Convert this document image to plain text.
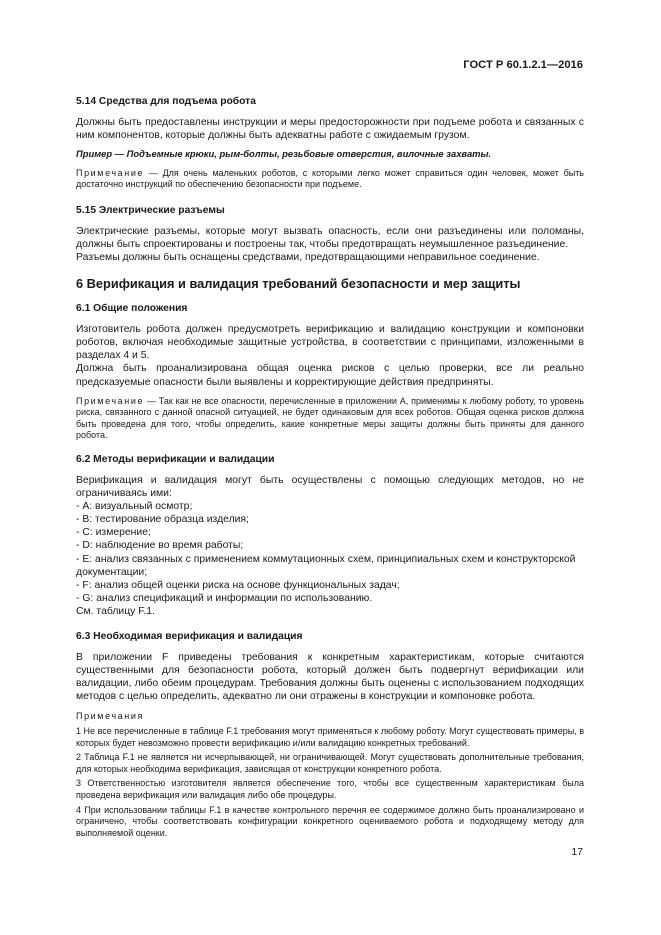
ГОСТ Р 60.1.2.1—2016
5.14 Средства для подъема робота

Должны быть предоставлены инструкции и меры предосторожности при подъеме робота и связанных с ним компонентов, которые должны быть адекватны работе с ожидаемым грузом.

Пример — Подъемные крюки, рым-болты, резьбовые отверстия, вилочные захваты.

Примечание — Для очень маленьких роботов, с которыми легко может справиться один человек, может быть достаточно инструкций по обеспечению безопасности при подъеме.

5.15 Электрические разъемы

Электрические разъемы, которые могут вызвать опасность, если они разъединены или поломаны, должны быть спроектированы и построены так, чтобы предотвращать неумышленное разъединение.

Разъемы должны быть оснащены средствами, предотвращающими неправильное соединение.

6 Верификация и валидация требований безопасности и мер защиты
6.1 Общие положения

Изготовитель робота должен предусмотреть верификацию и валидацию конструкции и компоновки роботов, включая необходимые защитные устройства, в соответствии с принципами, изложенными в разделах 4 и 5.

Должна быть проанализирована общая оценка рисков с целью проверки, все ли реально предсказуемые опасности были выявлены и корректирующие действия предприняты.

Примечание — Так как не все опасности, перечисленные в приложении А, применимы к любому роботу, то уровень риска, связанного с данной опасной ситуацией, не будет одинаковым для всех роботов. Общая оценка рисков должна быть проведена для того, чтобы определить, какие конкретные меры защиты должны быть приняты для данного робота.

6.2 Методы верификации и валидации

Верификация и валидация могут быть осуществлены с помощью следующих методов, но не ограничиваясь ими:

- А: визуальный осмотр;
- В: тестирование образца изделия;
- С: измерение;
- D: наблюдение во время работы;
- Е: анализ связанных с применением коммутационных схем, принципиальных схем и конструкторской документации;
- F: анализ общей оценки риска на основе функциональных задач;
- G: анализ спецификаций и информации по использованию.
См. таблицу F.1.
6.3 Необходимая верификация и валидация

В приложении F приведены требования к конкретным характеристикам, которые считаются существенными для безопасности робота, который должен быть подвергнут верификации или валидации, либо обеим процедурам. Требования должны быть оценены с использованием подходящих методов с целью определить, адекватно ли они отражены в конструкции и компоновке робота.

Примечания

1 Не все перечисленные в таблице F.1 требования могут применяться к любому роботу. Могут существовать примеры, в которых будет невозможно провести верификацию и/или валидацию конкретных требований.

2 Таблица F.1 не является ни исчерпывающей, ни ограничивающей. Могут существовать дополнительные требования, для которых необходима верификация, зависящая от конструкции конкретного робота.

3 Ответственностью изготовителя является обеспечение того, чтобы все существенным характеристикам была проведена верификация или валидация либо обе процедуры.

4 При использовании таблицы F.1 в качестве контрольного перечня ее содержимое должно быть проанализировано и ограничено, чтобы соответствовать конфигурации конкретного оцениваемого робота и подходящему методу для выполняемой оценки.

17
